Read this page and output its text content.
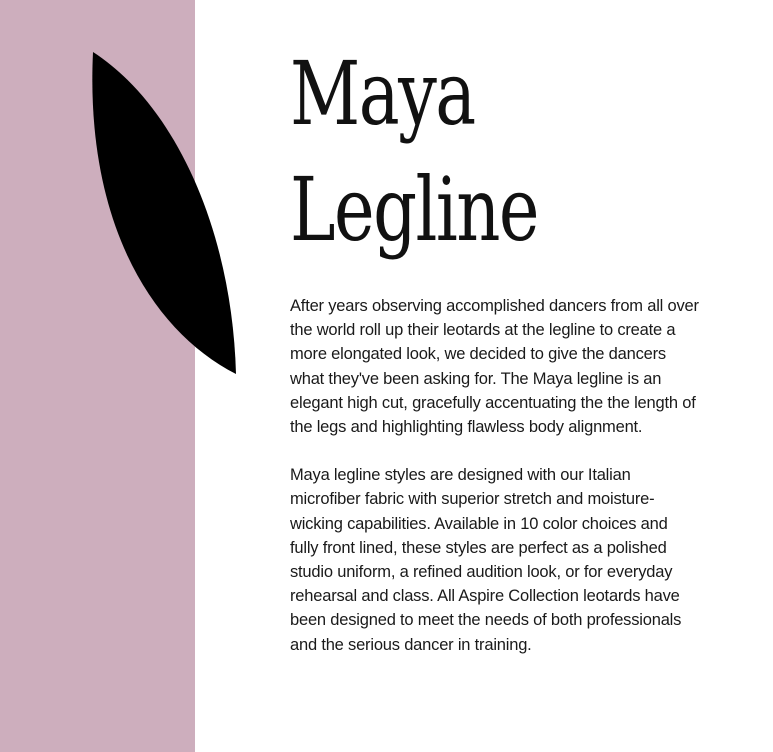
Maya
Legline

After years observing accomplished dancers from all over the world roll up their leotards at the legline to create a more elongated look, we decided to give the dancers what they've been asking for. The Maya legline is an elegant high cut, gracefully accentuating the the length of the legs and highlighting flawless body alignment.

Maya legline styles are designed with our Italian microfiber fabric with superior stretch and moisture-wicking capabilities. Available in 10 color choices and fully front lined, these styles are perfect as a polished studio uniform, a refined audition look, or for everyday rehearsal and class. All Aspire Collection leotards have been designed to meet the needs of both professionals and the serious dancer in training.
